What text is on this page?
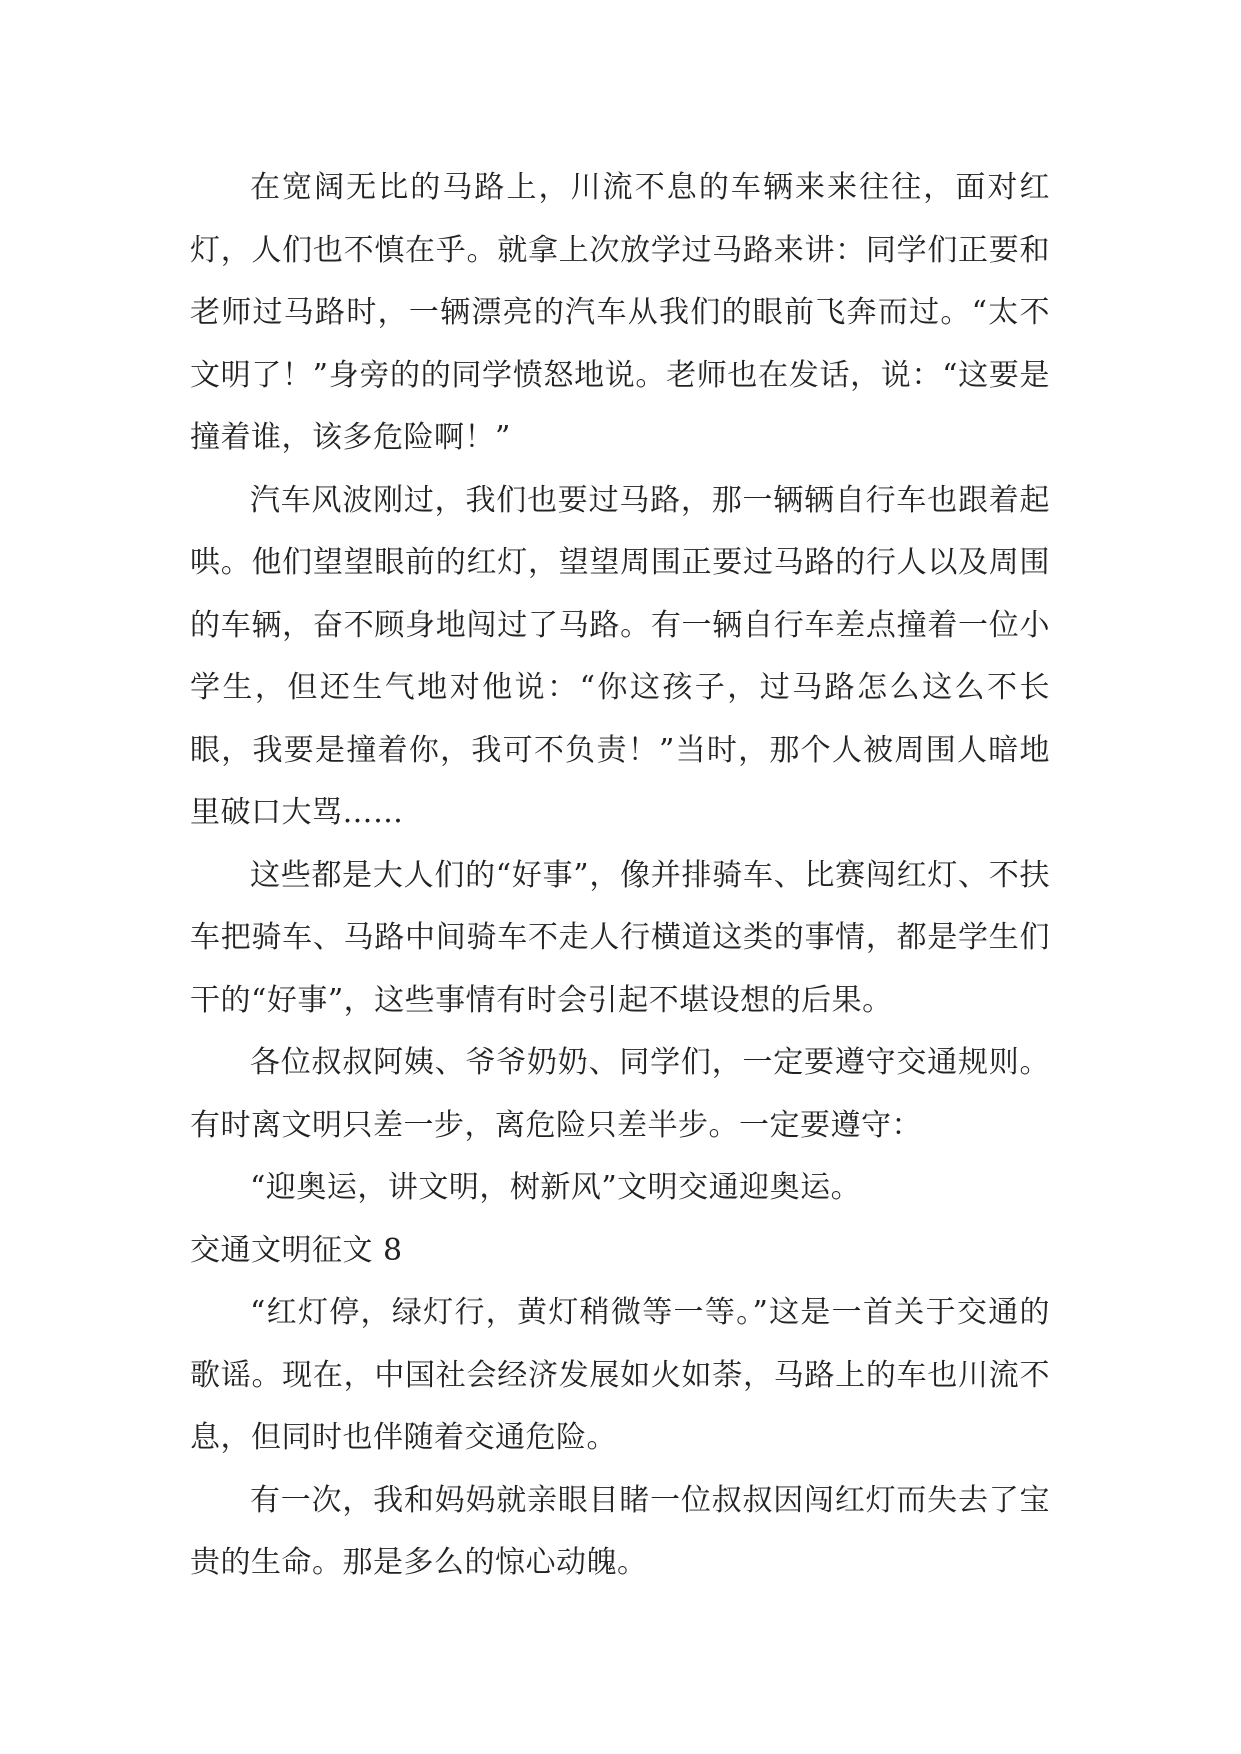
在宽阔无比的马路上，川流不息的车辆来来往往，面对红灯，人们也不慎在乎。就拿上次放学过马路来讲：同学们正要和老师过马路时，一辆漂亮的汽车从我们的眼前飞奔而过。“太不文明了！”身旁的的同学愤怒地说。老师也在发话，说：“这要是撞着谁，该多危险啊！”

汽车风波刚过，我们也要过马路，那一辆辆自行车也跟着起哄。他们望望眼前的红灯，望望周围正要过马路的行人以及周围的车辆，奋不顾身地闯过了马路。有一辆自行车差点撞着一位小学生，但还生气地对他说：“你这孩子，过马路怎么这么不长眼，我要是撞着你，我可不负责！”当时，那个人被周围人暗地里破口大骂……

这些都是大人们的“好事”，像并排骑车、比赛闯红灯、不扶车把骑车、马路中间骑车不走人行横道这类的事情，都是学生们干的“好事”，这些事情有时会引起不堪设想的后果。

各位叔叔阿姨、爷爷奶奶、同学们，一定要遵守交通规则。有时离文明只差一步，离危险只差半步。一定要遵守：

“迎奥运，讲文明，树新风”文明交通迎奥运。

交通文明征文 8

“红灯停，绿灯行，黄灯稍微等一等。”这是一首关于交通的歌谣。现在，中国社会经济发展如火如荼，马路上的车也川流不息，但同时也伴随着交通危险。

有一次，我和妈妈就亲眼目睹一位叔叔因闯红灯而失去了宝贵的生命。那是多么的惊心动魄。
